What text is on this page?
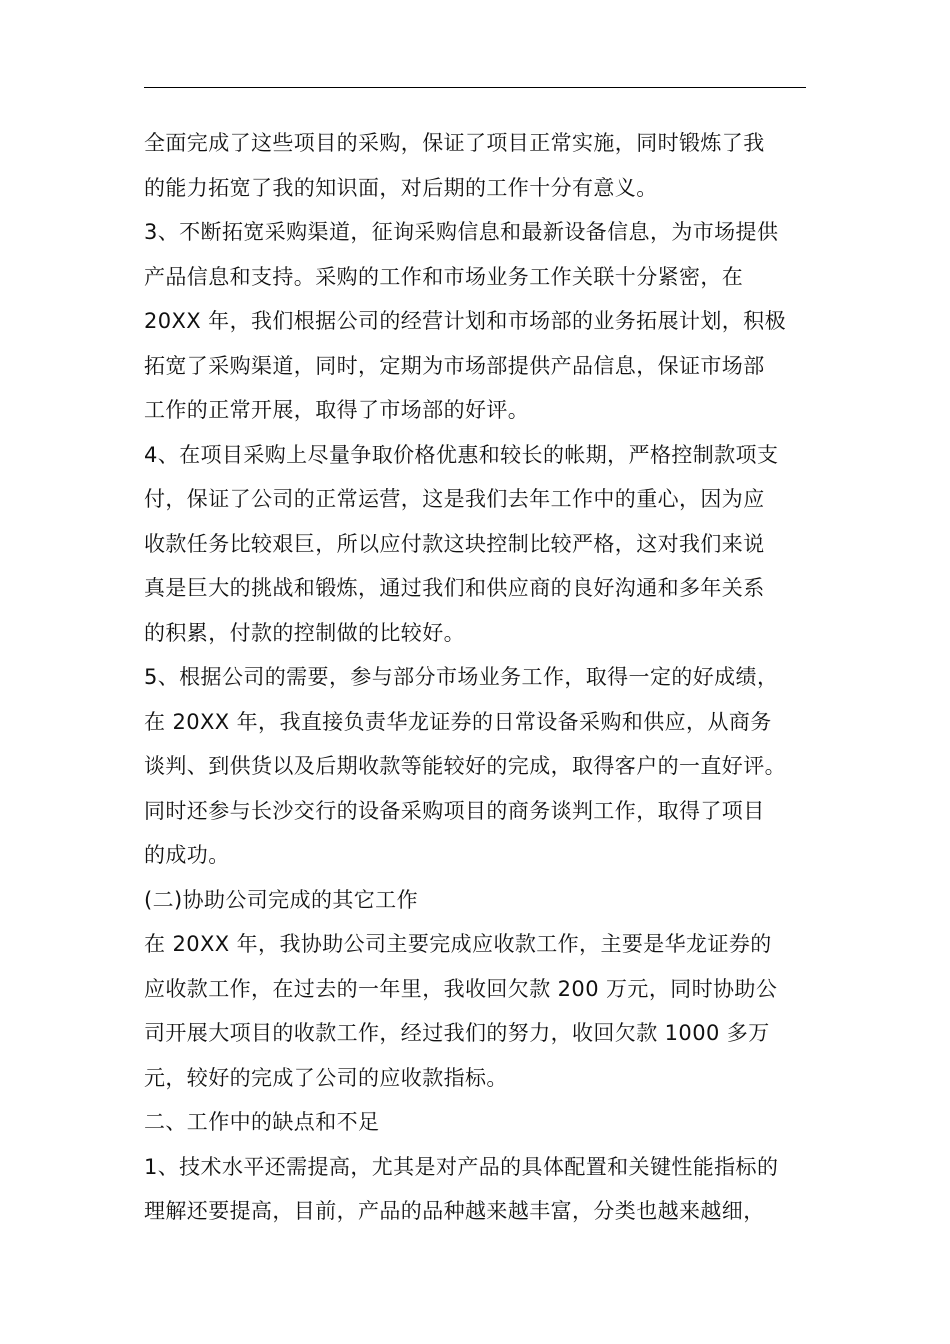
全面完成了这些项目的采购，保证了项目正常实施，同时锻炼了我
的能力拓宽了我的知识面，对后期的工作十分有意义。
3、不断拓宽采购渠道，征询采购信息和最新设备信息，为市场提供
产品信息和支持。采购的工作和市场业务工作关联十分紧密，在
20XX 年，我们根据公司的经营计划和市场部的业务拓展计划，积极
拓宽了采购渠道，同时，定期为市场部提供产品信息，保证市场部
工作的正常开展，取得了市场部的好评。
4、在项目采购上尽量争取价格优惠和较长的帐期，严格控制款项支
付，保证了公司的正常运营，这是我们去年工作中的重心，因为应
收款任务比较艰巨，所以应付款这块控制比较严格，这对我们来说
真是巨大的挑战和锻炼，通过我们和供应商的良好沟通和多年关系
的积累，付款的控制做的比较好。
5、根据公司的需要，参与部分市场业务工作，取得一定的好成绩，
在 20XX 年，我直接负责华龙证券的日常设备采购和供应，从商务
谈判、到供货以及后期收款等能较好的完成，取得客户的一直好评。
同时还参与长沙交行的设备采购项目的商务谈判工作，取得了项目
的成功。
(二)协助公司完成的其它工作
在 20XX 年，我协助公司主要完成应收款工作，主要是华龙证券的
应收款工作，在过去的一年里，我收回欠款 200 万元，同时协助公
司开展大项目的收款工作，经过我们的努力，收回欠款 1000 多万
元，较好的完成了公司的应收款指标。
二、工作中的缺点和不足
1、技术水平还需提高，尤其是对产品的具体配置和关键性能指标的
理解还要提高，目前，产品的品种越来越丰富，分类也越来越细，
